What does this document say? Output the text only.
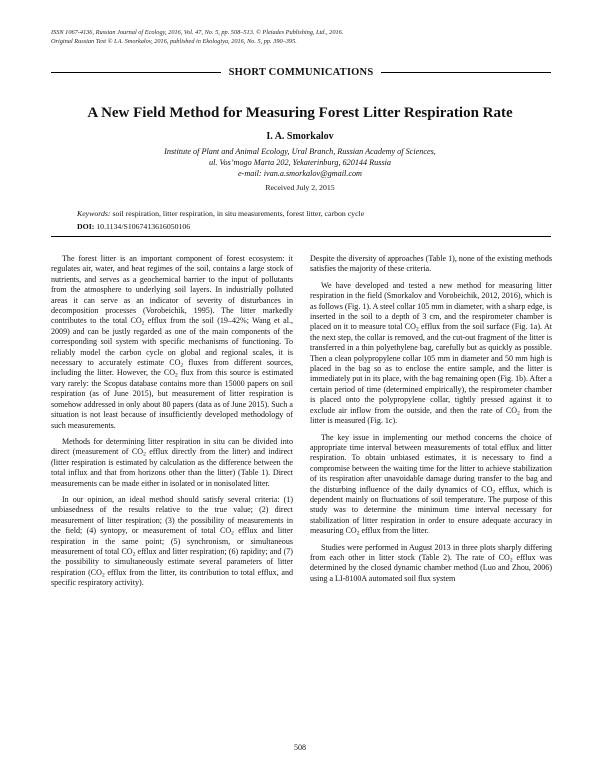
ISSN 1067-4136, Russian Journal of Ecology, 2016, Vol. 47, No. 5, pp. 508–513. © Pleiades Publishing, Ltd., 2016.
Original Russian Text © I.A. Smorkalov, 2016, published in Ekologiya, 2016, No. 5, pp. 390–395.
SHORT COMMUNICATIONS
A New Field Method for Measuring Forest Litter Respiration Rate
I. A. Smorkalov
Institute of Plant and Animal Ecology, Ural Branch, Russian Academy of Sciences,
ul. Vos’mogo Marta 202, Yekaterinburg, 620144 Russia
e-mail: ivan.a.smorkalov@gmail.com
Received July 2, 2015
Keywords: soil respiration, litter respiration, in situ measurements, forest litter, carbon cycle
DOI: 10.1134/S1067413616050106

The forest litter is an important component of forest ecosystem: it regulates air, water, and heat regimes of the soil, contains a large stock of nutrients, and serves as a geochemical barrier to the input of pollutants from the atmosphere to underlying soil layers. In industrially polluted areas it can serve as an indicator of severity of disturbances in decomposition processes (Vorobeichik, 1995). The litter markedly contributes to the total $CO_2$ efflux from the soil (19–42%; Wang et al., 2009) and can be justly regarded as one of the main components of the corresponding soil system with specific mechanisms of functioning. To reliably model the carbon cycle on global and regional scales, it is necessary to accurately estimate $CO_2$ fluxes from different sources, including the litter. However, the $CO_2$ flux from this source is estimated vary rarely: the Scopus database contains more than 15000 papers on soil respiration (as of June 2015), but measurement of litter respiration is somehow addressed in only about 80 papers (data as of June 2015). Such a situation is not least because of insufficiently developed methodology of such measurements.

Methods for determining litter respiration in situ can be divided into direct (measurement of $CO_2$ efflux directly from the litter) and indirect (litter respiration is estimated by calculation as the difference between the total influx and that from horizons other than the litter) (Table 1). Direct measurements can be made either in isolated or in nonisolated litter.

In our opinion, an ideal method should satisfy several criteria: (1) unbiasedness of the results relative to the true value; (2) direct measurement of litter respiration; (3) the possibility of measurements in the field; (4) syntopy, or measurement of total $CO_2$ efflux and litter respiration in the same point; (5) synchronism, or simultaneous measurement of total $CO_2$ efflux and litter respiration; (6) rapidity; and (7) the possibility to simultaneously estimate several parameters of litter respiration ($CO_2$ efflux from the litter, its contribution to total efflux, and specific respiratory activity).

Despite the diversity of approaches (Table 1), none of the existing methods satisfies the majority of these criteria.

We have developed and tested a new method for measuring litter respiration in the field (Smorkalov and Vorobeichik, 2012, 2016), which is as follows (Fig. 1). A steel collar 105 mm in diameter, with a sharp edge, is inserted in the soil to a depth of 3 cm, and the respirometer chamber is placed on it to measure total $CO_2$ efflux from the soil surface (Fig. 1a). At the next step, the collar is removed, and the cut-out fragment of the litter is transferred in a thin polyethylene bag, carefully but as quickly as possible. Then a clean polypropylene collar 105 mm in diameter and 50 mm high is placed in the bag so as to enclose the entire sample, and the litter is immediately put in its place, with the bag remaining open (Fig. 1b). After a certain period of time (determined empirically), the respirometer chamber is placed onto the polypropylene collar, tightly pressed against it to exclude air inflow from the outside, and then the rate of $CO_2$ from the litter is measured (Fig. 1c).

The key issue in implementing our method concerns the choice of appropriate time interval between measurements of total efflux and litter respiration. To obtain unbiased estimates, it is necessary to find a compromise between the waiting time for the litter to achieve stabilization of its respiration after unavoidable damage during transfer to the bag and the disturbing influence of the daily dynamics of $CO_2$ efflux, which is dependent mainly on fluctuations of soil temperature. The purpose of this study was to determine the minimum time interval necessary for stabilization of litter respiration in order to ensure adequate accuracy in measuring $CO_2$ efflux from the litter.

Studies were performed in August 2013 in three plots sharply differing from each other in litter stock (Table 2). The rate of $CO_2$ efflux was determined by the closed dynamic chamber method (Luo and Zhou, 2006) using a LI-8100A automated soil flux system

508
